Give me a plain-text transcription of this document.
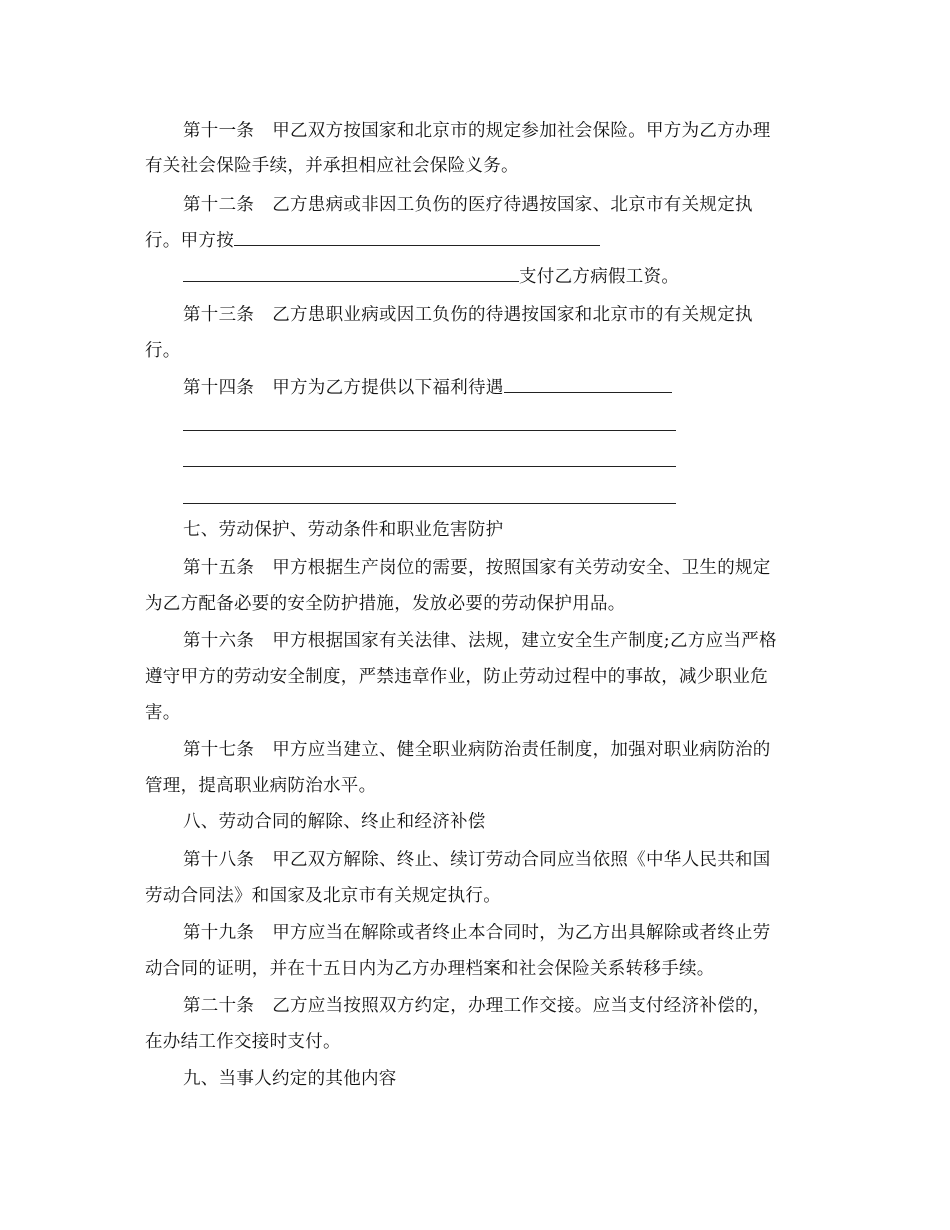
第十一条 甲乙双方按国家和北京市的规定参加社会保险。甲方为乙方办理
有关社会保险手续，并承担相应社会保险义务。
第十二条 乙方患病或非因工负伤的医疗待遇按国家、北京市有关规定执
行。甲方按
支付乙方病假工资。
第十三条 乙方患职业病或因工负伤的待遇按国家和北京市的有关规定执
行。
第十四条 甲方为乙方提供以下福利待遇
七、劳动保护、劳动条件和职业危害防护
第十五条 甲方根据生产岗位的需要，按照国家有关劳动安全、卫生的规定
为乙方配备必要的安全防护措施，发放必要的劳动保护用品。
第十六条 甲方根据国家有关法律、法规，建立安全生产制度;乙方应当严格
遵守甲方的劳动安全制度，严禁违章作业，防止劳动过程中的事故，减少职业危
害。
第十七条 甲方应当建立、健全职业病防治责任制度，加强对职业病防治的
管理，提高职业病防治水平。
八、劳动合同的解除、终止和经济补偿
第十八条 甲乙双方解除、终止、续订劳动合同应当依照《中华人民共和国
劳动合同法》和国家及北京市有关规定执行。
第十九条 甲方应当在解除或者终止本合同时，为乙方出具解除或者终止劳
动合同的证明，并在十五日内为乙方办理档案和社会保险关系转移手续。
第二十条 乙方应当按照双方约定，办理工作交接。应当支付经济补偿的，
在办结工作交接时支付。
九、当事人约定的其他内容
